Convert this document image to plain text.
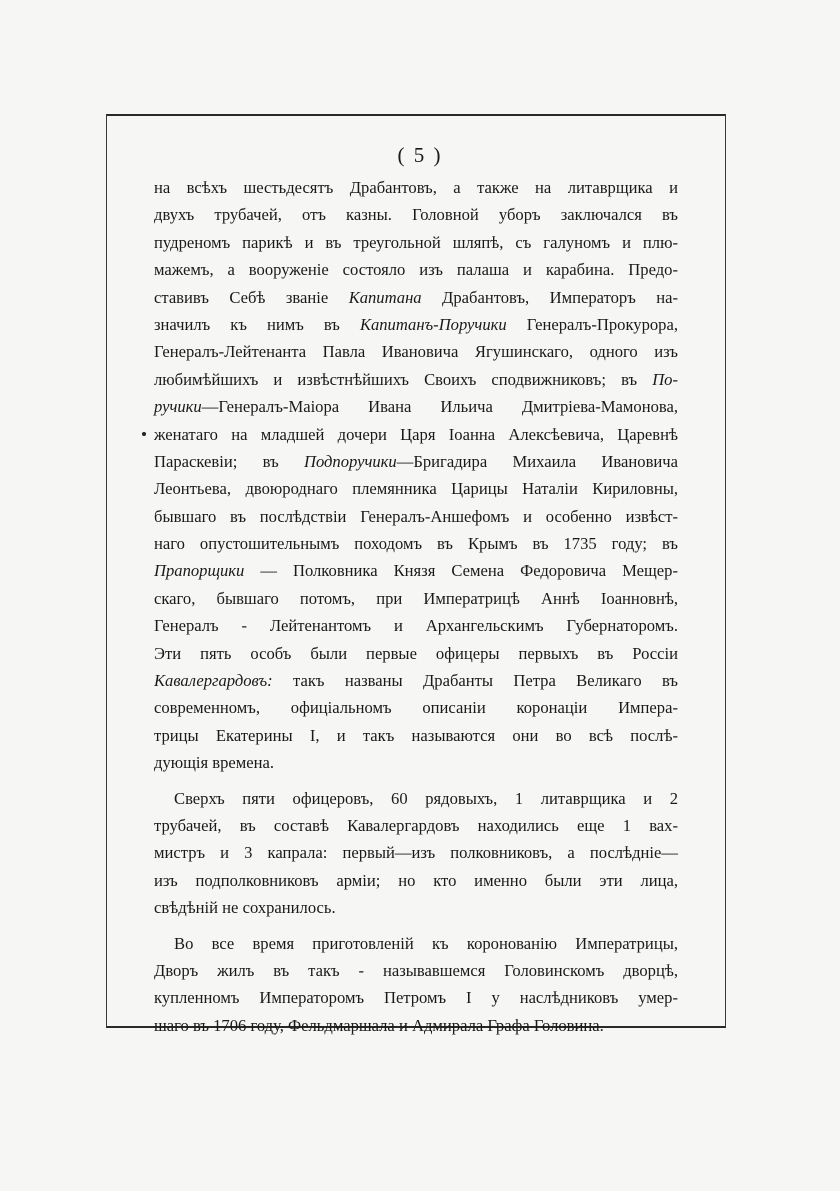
( 5 )
на всѣхъ шестьдесятъ Драбантовъ, а также на литаврщика и
двухъ трубачей, отъ казны. Головной уборъ заключался въ
пудреномъ парикѣ и въ треугольной шляпѣ, съ галуномъ и плю-
мажемъ, а вооруженіе состояло изъ палаша и карабина. Предо-
ставивъ Себѣ званіе Капитана Драбантовъ, Императоръ на-
значилъ къ нимъ въ Капитанъ-Поручики Генералъ-Прокурора,
Генералъ-Лейтенанта Павла Ивановича Ягушинскаго, одного изъ
любимѣйшихъ и извѣстнѣйшихъ Своихъ сподвижниковъ; въ По-
ручики—Генералъ-Маіора Ивана Ильича Дмитріева-Мамонова,
женатаго на младшей дочери Царя Іоанна Алексѣевича, Царевнѣ
Параскевіи; въ Подпоручики—Бригадира Михаила Ивановича
Леонтьева, двоюроднаго племянника Царицы Наталіи Кириловны,
бывшаго въ послѣдствіи Генералъ-Аншефомъ и особенно извѣст-
наго опустошительнымъ походомъ въ Крымъ въ 1735 году; въ
Прапорщики — Полковника Князя Семена Федоровича Мещер-
скаго, бывшаго потомъ, при Императрицѣ Аннѣ Іоанновнѣ,
Генералъ - Лейтенантомъ и Архангельскимъ Губернаторомъ.
Эти пять особъ были первые офицеры первыхъ въ Россіи
Кавалергардовъ: такъ названы Драбанты Петра Великаго въ
современномъ, офиціальномъ описаніи коронаціи Импера-
трицы Екатерины I, и такъ называются они во всѣ послѣ-
дующія времена.
Сверхъ пяти офицеровъ, 60 рядовыхъ, 1 литаврщика и 2
трубачей, въ составѣ Кавалергардовъ находились еще 1 вах-
мистръ и 3 капрала: первый—изъ полковниковъ, а послѣдніе—
изъ подполковниковъ арміи; но кто именно были эти лица,
свѣдѣній не сохранилось.
Во все время приготовленій къ коронованію Императрицы,
Дворъ жилъ въ такъ - называвшемся Головинскомъ дворцѣ,
купленномъ Императоромъ Петромъ I у наслѣдниковъ умер-
шаго въ 1706 году, Фельдмаршала и Адмирала Графа Головина.
